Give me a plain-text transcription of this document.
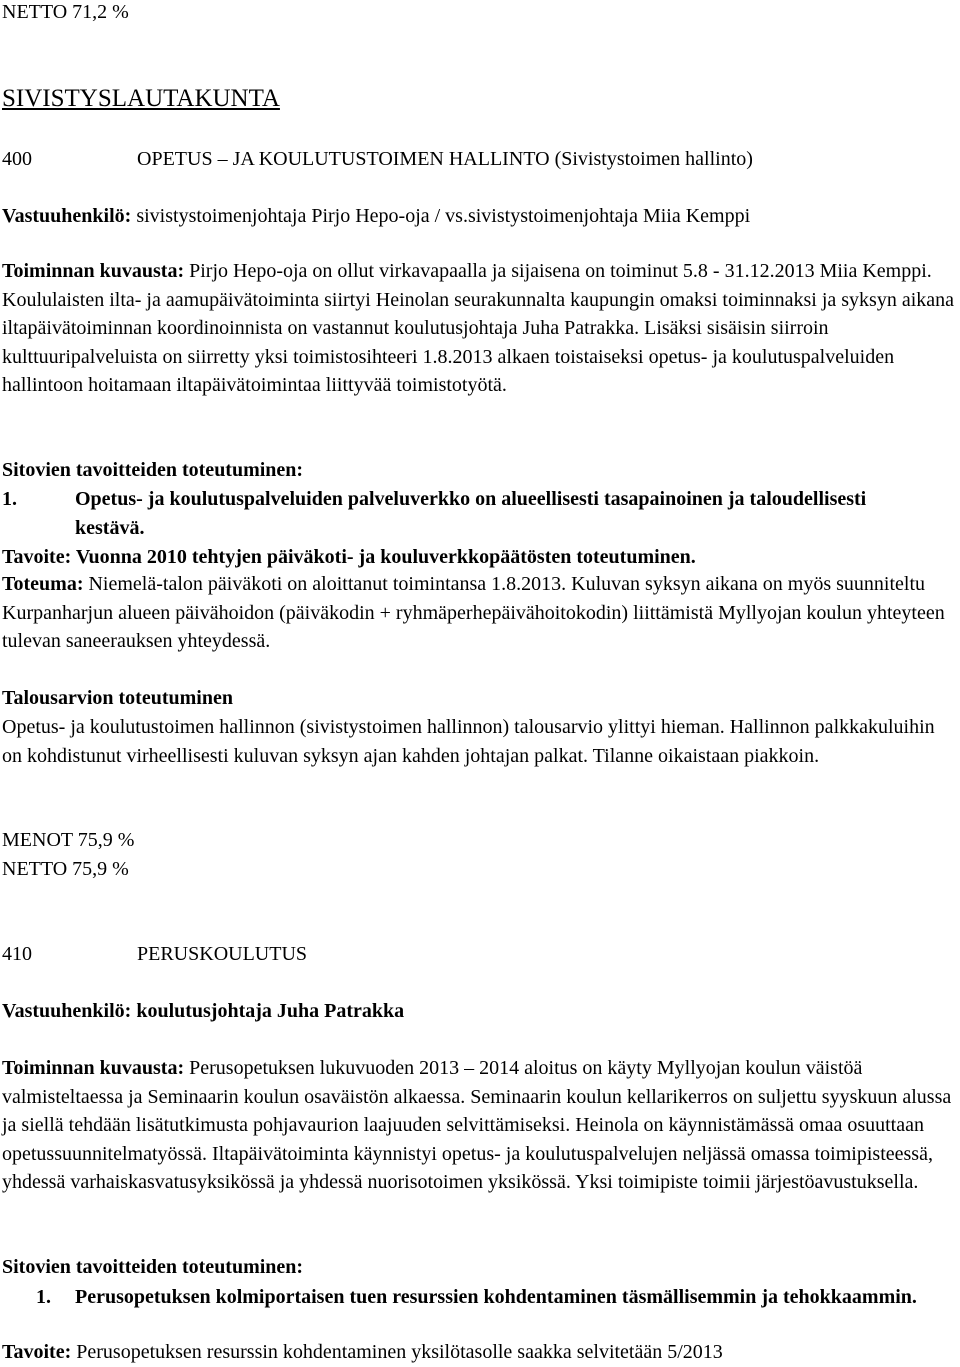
NETTO 71,2 %
SIVISTYSLAUTAKUNTA
400	OPETUS – JA KOULUTUSTOIMEN HALLINTO (Sivistystoimen hallinto)
Vastuuhenkilö: sivistystoimenjohtaja Pirjo Hepo-oja / vs.sivistystoimenjohtaja Miia Kemppi
Toiminnan kuvausta: Pirjo Hepo-oja on ollut virkavapaalla ja sijaisena on toiminut 5.8 - 31.12.2013 Miia Kemppi. Koululaisten ilta- ja aamupäivätoiminta siirtyi Heinolan seurakunnalta kaupungin omaksi toiminnaksi ja syksyn aikana iltapäivätoiminnan koordinoinnista on vastannut koulutusjohtaja Juha Patrakka. Lisäksi sisäisin siirroin kulttuuripalveluista on siirretty yksi toimistosihteeri 1.8.2013 alkaen toistaiseksi opetus- ja koulutuspalveluiden hallintoon hoitamaan iltapäivätoimintaa liittyvää toimistotyötä.
Sitovien tavoitteiden toteutuminen:
1.	Opetus- ja koulutuspalveluiden palveluverkko on alueellisesti tasapainoinen ja taloudellisesti kestävä.
Tavoite: Vuonna 2010 tehtyjen päiväkoti- ja kouluverkkopäätösten toteutuminen.
Toteuma: Niemelä-talon päiväkoti on aloittanut toimintansa 1.8.2013. Kuluvan syksyn aikana on myös suunniteltu Kurpanharjun alueen päivähoidon (päiväkodin + ryhmäperhepäivähoitokodin) liittämistä Myllyojan koulun yhteyteen tulevan saneerauksen yhteydessä.
Talousarvion toteutuminen
Opetus- ja koulutustoimen hallinnon (sivistystoimen hallinnon) talousarvio ylittyi hieman. Hallinnon palkkakuluihin on kohdistunut virheellisesti kuluvan syksyn ajan kahden johtajan palkat. Tilanne oikaistaan piakkoin.
MENOT 75,9 %
NETTO 75,9 %
410	PERUSKOULUTUS
Vastuuhenkilö: koulutusjohtaja Juha Patrakka
Toiminnan kuvausta: Perusopetuksen lukuvuoden 2013 – 2014 aloitus on käyty Myllyojan koulun väistöä valmisteltaessa ja Seminaarin koulun osaväistön alkaessa. Seminaarin koulun kellarikerros on suljettu syyskuun alussa ja siellä tehdään lisätutkimusta pohjavaurion laajuuden selvittämiseksi. Heinola on käynnistämässä omaa osuuttaan opetussuunnitelmatyössä. Iltapäivätoiminta käynnistyi opetus- ja koulutuspalvelujen neljässä omassa toimipisteessä, yhdessä varhaiskasvatusyksikössä ja yhdessä nuorisotoimen yksikössä. Yksi toimipiste toimii järjestöavustuksella.
Sitovien tavoitteiden toteutuminen:
1. Perusopetuksen kolmiportaisen tuen resurssien kohdentaminen täsmällisemmin ja tehokkaammin.
Tavoite: Perusopetuksen resurssin kohdentaminen yksilötasolle saakka selvitetään 5/2013
